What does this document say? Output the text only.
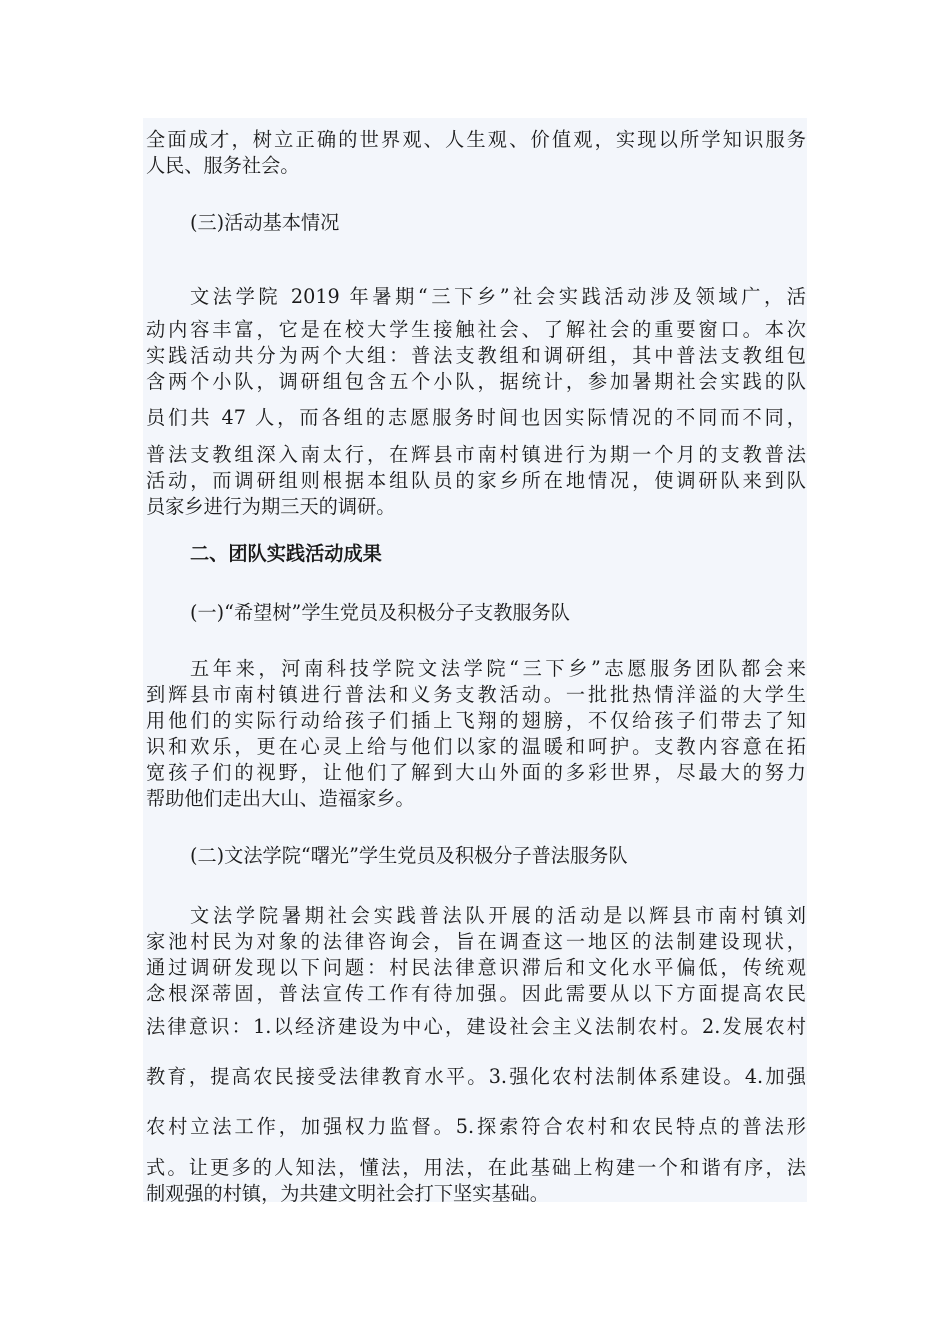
全面成才，树立正确的世界观、人生观、价值观，实现以所学知识服务
人民、服务社会。
(三)活动基本情况
文法学院 2019 年暑期“三下乡”社会实践活动涉及领域广，活
动内容丰富，它是在校大学生接触社会、了解社会的重要窗口。本次
实践活动共分为两个大组：普法支教组和调研组，其中普法支教组包
含两个小队，调研组包含五个小队，据统计，参加暑期社会实践的队
员们共 47 人，而各组的志愿服务时间也因实际情况的不同而不同，
普法支教组深入南太行，在辉县市南村镇进行为期一个月的支教普法
活动，而调研组则根据本组队员的家乡所在地情况，使调研队来到队
员家乡进行为期三天的调研。
二、团队实践活动成果
(一)“希望树”学生党员及积极分子支教服务队
五年来，河南科技学院文法学院“三下乡”志愿服务团队都会来
到辉县市南村镇进行普法和义务支教活动。一批批热情洋溢的大学生
用他们的实际行动给孩子们插上飞翔的翅膀，不仅给孩子们带去了知
识和欢乐，更在心灵上给与他们以家的温暖和呵护。支教内容意在拓
宽孩子们的视野，让他们了解到大山外面的多彩世界，尽最大的努力
帮助他们走出大山、造福家乡。
(二)文法学院“曙光”学生党员及积极分子普法服务队
文法学院暑期社会实践普法队开展的活动是以辉县市南村镇刘
家池村民为对象的法律咨询会，旨在调查这一地区的法制建设现状，
通过调研发现以下问题：村民法律意识滞后和文化水平偏低，传统观
念根深蒂固，普法宣传工作有待加强。因此需要从以下方面提高农民
法律意识：1.以经济建设为中心，建设社会主义法制农村。2.发展农村
教育，提高农民接受法律教育水平。3.强化农村法制体系建设。4.加强
农村立法工作，加强权力监督。5.探索符合农村和农民特点的普法形
式。让更多的人知法，懂法，用法，在此基础上构建一个和谐有序，法
制观强的村镇，为共建文明社会打下坚实基础。
